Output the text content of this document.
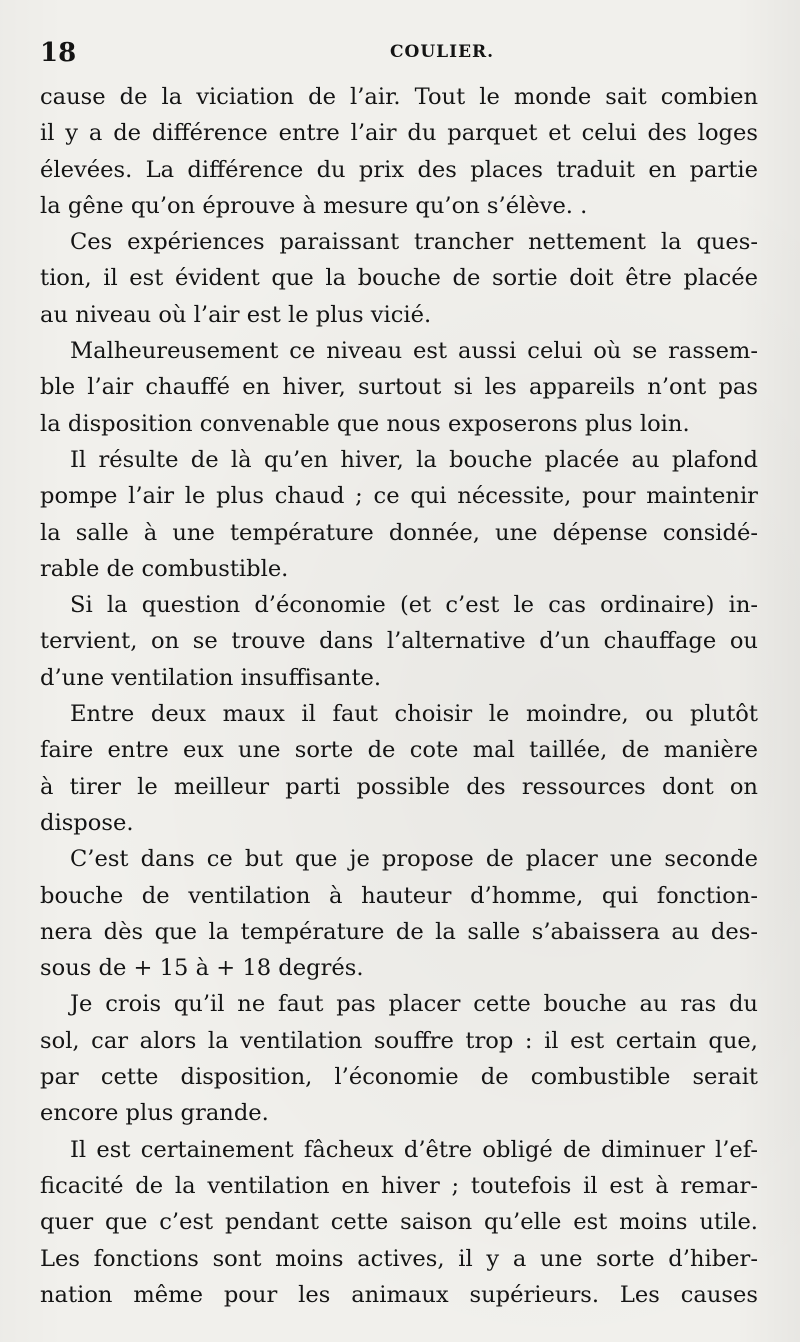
18	COULIER.
cause de la viciation de l’air. Tout le monde sait combien
il y a de différence entre l’air du parquet et celui des loges
élevées. La différence du prix des places traduit en partie
la gêne qu’on éprouve à mesure qu’on s’élève. .
Ces expériences paraissant trancher nettement la ques-
tion, il est évident que la bouche de sortie doit être placée
au niveau où l’air est le plus vicié.
Malheureusement ce niveau est aussi celui où se rassem-
ble l’air chauffé en hiver, surtout si les appareils n’ont pas
la disposition convenable que nous exposerons plus loin.
Il résulte de là qu’en hiver, la bouche placée au plafond
pompe l’air le plus chaud ; ce qui nécessite, pour maintenir
la salle à une température donnée, une dépense considé-
rable de combustible.
Si la question d’économie (et c’est le cas ordinaire) in-
tervient, on se trouve dans l’alternative d’un chauffage ou
d’une ventilation insuffisante.
Entre deux maux il faut choisir le moindre, ou plutôt
faire entre eux une sorte de cote mal taillée, de manière
à tirer le meilleur parti possible des ressources dont on
dispose.
C’est dans ce but que je propose de placer une seconde
bouche de ventilation à hauteur d’homme, qui fonction-
nera dès que la température de la salle s’abaissera au des-
sous de + 15 à + 18 degrés.
Je crois qu’il ne faut pas placer cette bouche au ras du
sol, car alors la ventilation souffre trop : il est certain que,
par cette disposition, l’économie de combustible serait
encore plus grande.
Il est certainement fâcheux d’être obligé de diminuer l’ef-
ficacité de la ventilation en hiver ; toutefois il est à remar-
quer que c’est pendant cette saison qu’elle est moins utile.
Les fonctions sont moins actives, il y a une sorte d’hiber-
nation même pour les animaux supérieurs. Les causes
